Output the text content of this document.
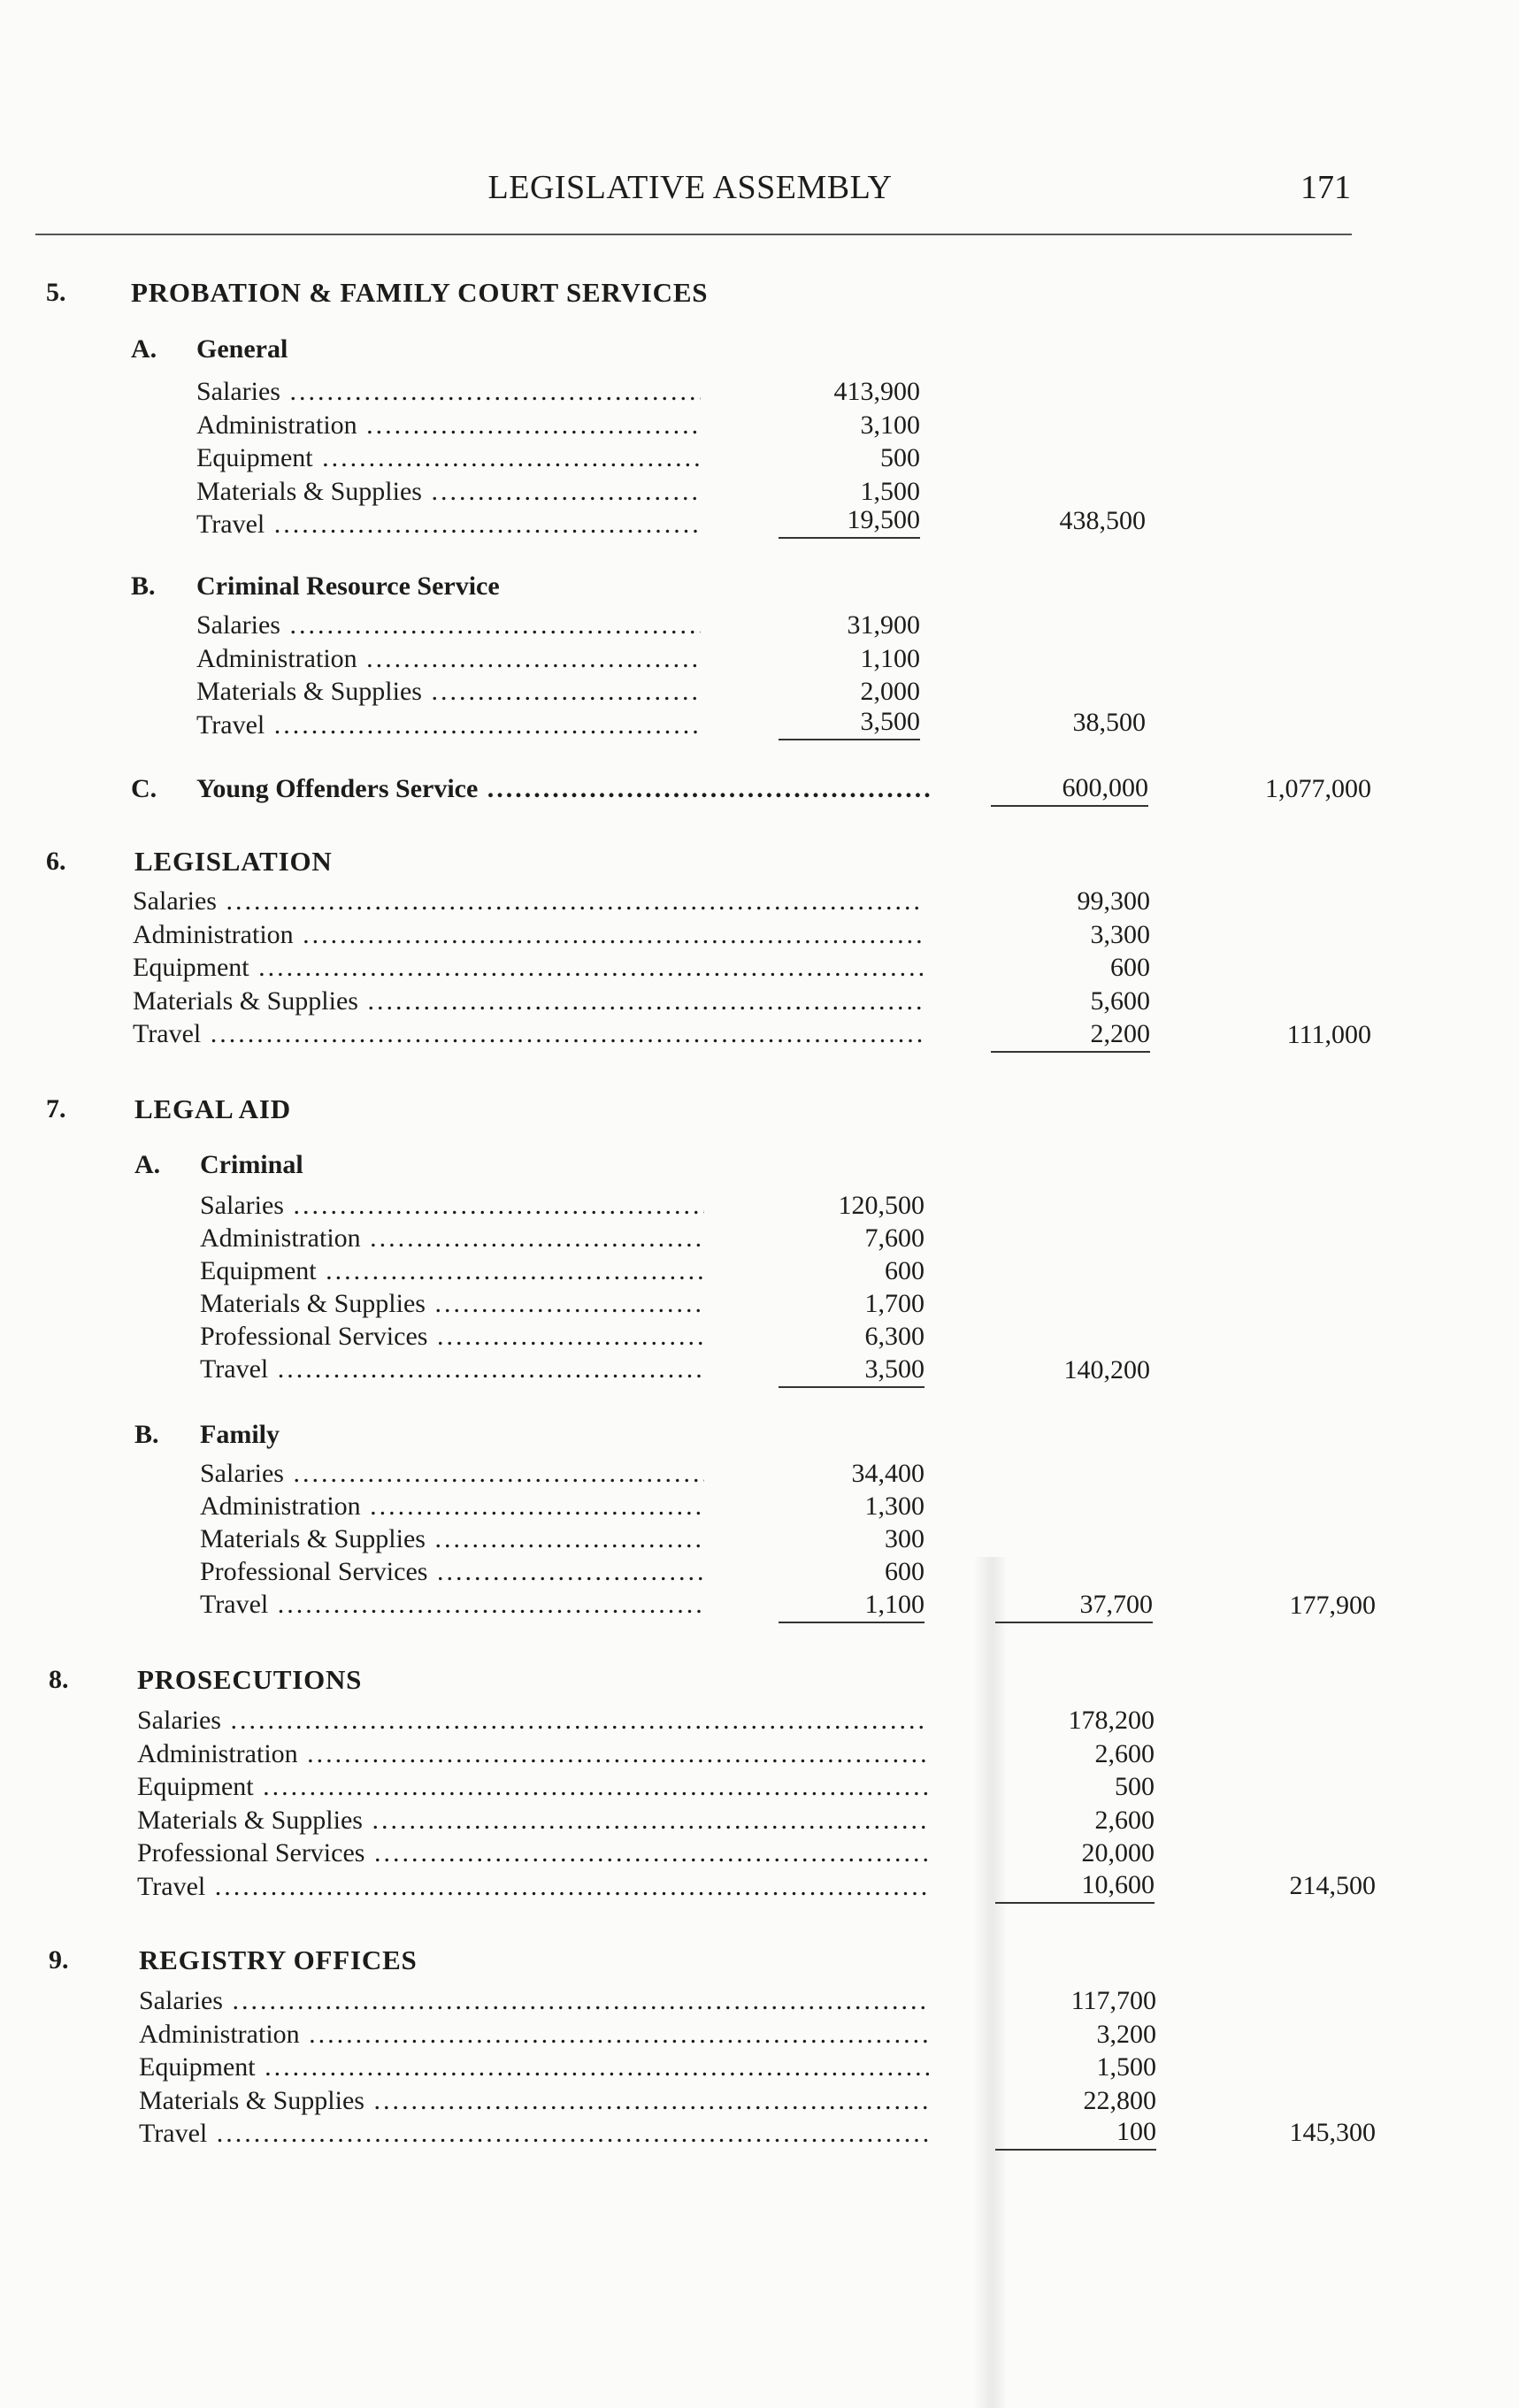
LEGISLATIVE ASSEMBLY	171
5. PROBATION & FAMILY COURT SERVICES
A. General
Salaries .....	413,900
Administration .....	3,100
Equipment .....	500
Materials & Supplies .....	1,500
Travel .....	19,500	438,500
B. Criminal Resource Service
Salaries .....	31,900
Administration .....	1,100
Materials & Supplies .....	2,000
Travel .....	3,500	38,500
C. Young Offenders Service .....	600,000	1,077,000
6.	LEGISLATION
Salaries .....	99,300
Administration .....	3,300
Equipment .....	600
Materials & Supplies .....	5,600
Travel .....	2,200	111,000
7.	LEGAL AID
A. Criminal
Salaries .....	120,500
Administration .....	7,600
Equipment .....	600
Materials & Supplies .....	1,700
Professional Services .....	6,300
Travel .....	3,500	140,200
B. Family
Salaries .....	34,400
Administration .....	1,300
Materials & Supplies .....	300
Professional Services .....	600
Travel .....	1,100	37,700	177,900
8.	PROSECUTIONS
Salaries .....	178,200
Administration .....	2,600
Equipment .....	500
Materials & Supplies .....	2,600
Professional Services .....	20,000
Travel .....	10,600	214,500
9.	REGISTRY OFFICES
Salaries .....	117,700
Administration .....	3,200
Equipment .....	1,500
Materials & Supplies .....	22,800
Travel .....	100	145,300
